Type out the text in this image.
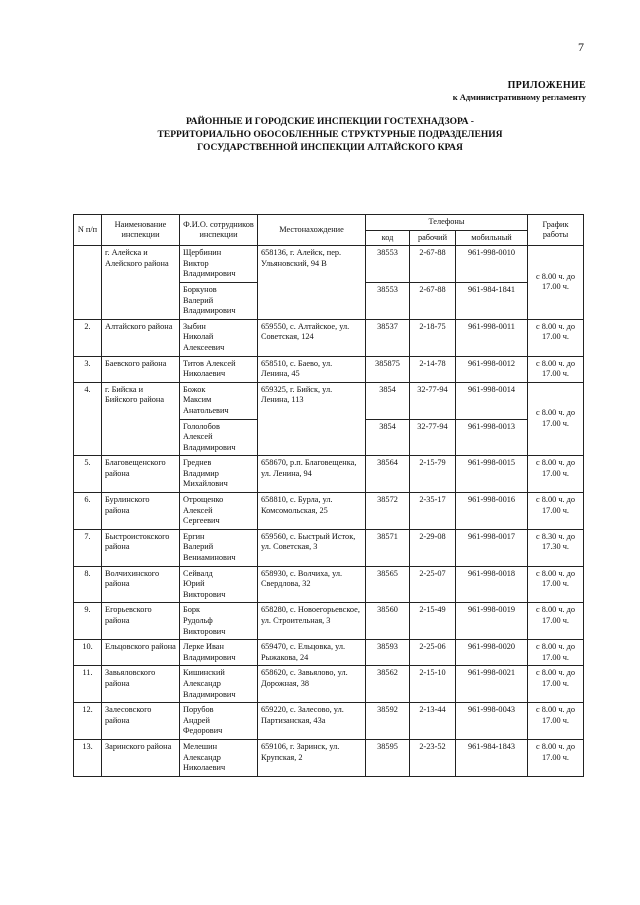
7
ПРИЛОЖЕНИЕ
к Административному регламенту
РАЙОННЫЕ И ГОРОДСКИЕ ИНСПЕКЦИИ ГОСТЕХНАДЗОРА -
ТЕРРИТОРИАЛЬНО ОБОСОБЛЕННЫЕ СТРУКТУРНЫЕ ПОДРАЗДЕЛЕНИЯ
ГОСУДАРСТВЕННОЙ ИНСПЕКЦИИ АЛТАЙСКОГО КРАЯ
N п/п	Наименование инспекции	Ф.И.О. сотрудников инспекции	Местонахождение	Телефоны			График работы
				код	рабочий	мобильный	
	г. Алейска и Алейского района	Щербинин
Виктор
Владимирович	658136, г. Алейск, пер. Ульяновский, 94 В	38553	2-67-88	961-998-0010	с 8.00 ч. до 17.00 ч.
		Боркунов
Валерий
Владимирович		38553	2-67-88	961-984-1841	
2.	Алтайского района	Зыбин
Николай
Алексеевич	659550, с. Алтайское, ул. Советская, 124	38537	2-18-75	961-998-0011	с 8.00 ч. до 17.00 ч.
3.	Баевского района	Титов Алексей
Николаевич	658510, с. Баево, ул. Ленина, 45	385875	2-14-78	961-998-0012	с 8.00 ч. до 17.00 ч.
4.	г. Бийска и Бийского района	Божок
Максим
Анатольевич	659325, г. Бийск, ул. Ленина, 113	3854	32-77-94	961-998-0014	с 8.00 ч. до 17.00 ч.
		Гололобов
Алексей
Владимирович		3854	32-77-94	961-998-0013	
5.	Благовещенского района	Греднев
Владимир
Михайлович	658670, р.п. Благовещенка, ул. Ленина, 94	38564	2-15-79	961-998-0015	с 8.00 ч. до 17.00 ч.
6.	Бурлинского района	Отрощенко
Алексей
Сергеевич	658810, с. Бурла, ул. Комсомольская, 25	38572	2-35-17	961-998-0016	с 8.00 ч. до 17.00 ч.
7.	Быстроистокского района	Ергин
Валерий
Вениаминович	659560, с. Быстрый Исток, ул. Советская, 3	38571	2-29-08	961-998-0017	с 8.30 ч. до 17.30 ч.
8.	Волчихинского района	Сейвалд
Юрий
Викторович	658930, с. Волчиха, ул. Свердлова, 32	38565	2-25-07	961-998-0018	с 8.00 ч. до 17.00 ч.
9.	Егорьевского района	Борк
Рудольф
Викторович	658280, с. Новоегорьевское, ул. Строительная, 3	38560	2-15-49	961-998-0019	с 8.00 ч. до 17.00 ч.
10.	Ельцовского района	Лерке Иван
Владимирович	659470, с. Ельцовка, ул. Рыжакова, 24	38593	2-25-06	961-998-0020	с 8.00 ч. до 17.00 ч.
11.	Завьяловского района	Кишинский
Александр
Владимирович	658620, с. Завьялово, ул. Дорожная, 38	38562	2-15-10	961-998-0021	с 8.00 ч. до 17.00 ч.
12.	Залесовского района	Порубов
Андрей
Федорович	659220, с. Залесово, ул. Партизанская, 43а	38592	2-13-44	961-998-0043	с 8.00 ч. до 17.00 ч.
13.	Заринского района	Мелешин
Александр
Николаевич	659106, г. Заринск, ул. Крупская, 2	38595	2-23-52	961-984-1843	с 8.00 ч. до 17.00 ч.
